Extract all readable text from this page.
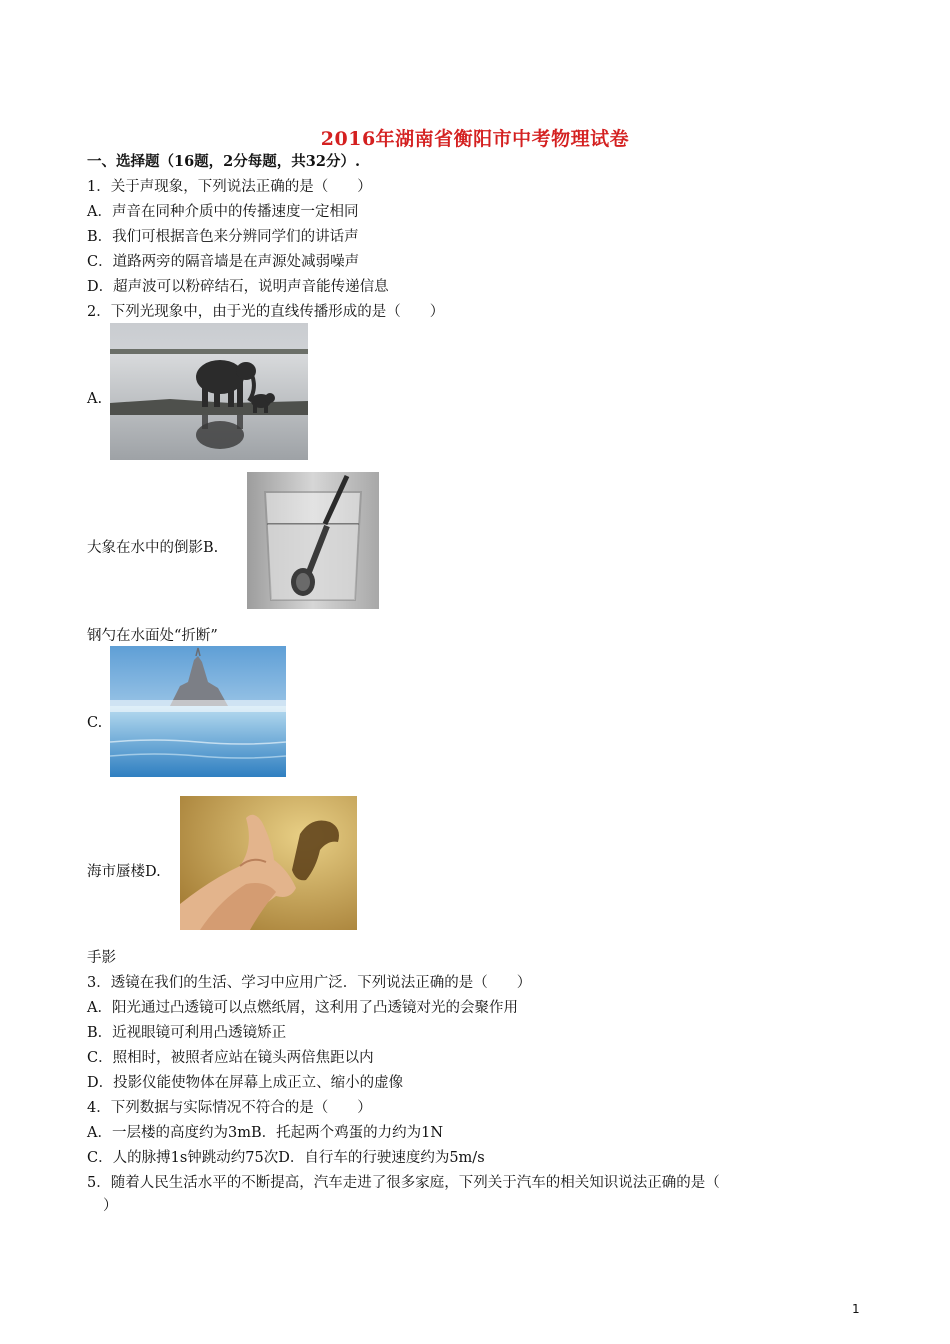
2016年湖南省衡阳市中考物理试卷
一、选择题（16题，2分每题，共32分）.
1．关于声现象，下列说法正确的是（　　）
A．声音在同种介质中的传播速度一定相同
B．我们可根据音色来分辨同学们的讲话声
C．道路两旁的隔音墙是在声源处减弱噪声
D．超声波可以粉碎结石，说明声音能传递信息
2．下列光现象中，由于光的直线传播形成的是（　　）
A.
大象在水中的倒影B.
钢勺在水面处“折断”
C.
海市蜃楼D.
手影
3．透镜在我们的生活、学习中应用广泛．下列说法正确的是（　　）
A．阳光通过凸透镜可以点燃纸屑，这利用了凸透镜对光的会聚作用
B．近视眼镜可利用凸透镜矫正
C．照相时，被照者应站在镜头两倍焦距以内
D．投影仪能使物体在屏幕上成正立、缩小的虚像
4．下列数据与实际情况不符合的是（　　）
A．一层楼的高度约为3mB．托起两个鸡蛋的力约为1N
C．人的脉搏1s钟跳动约75次D．自行车的行驶速度约为5m/s
5．随着人民生活水平的不断提高，汽车走进了很多家庭，下列关于汽车的相关知识说法正确的是（
）
1
